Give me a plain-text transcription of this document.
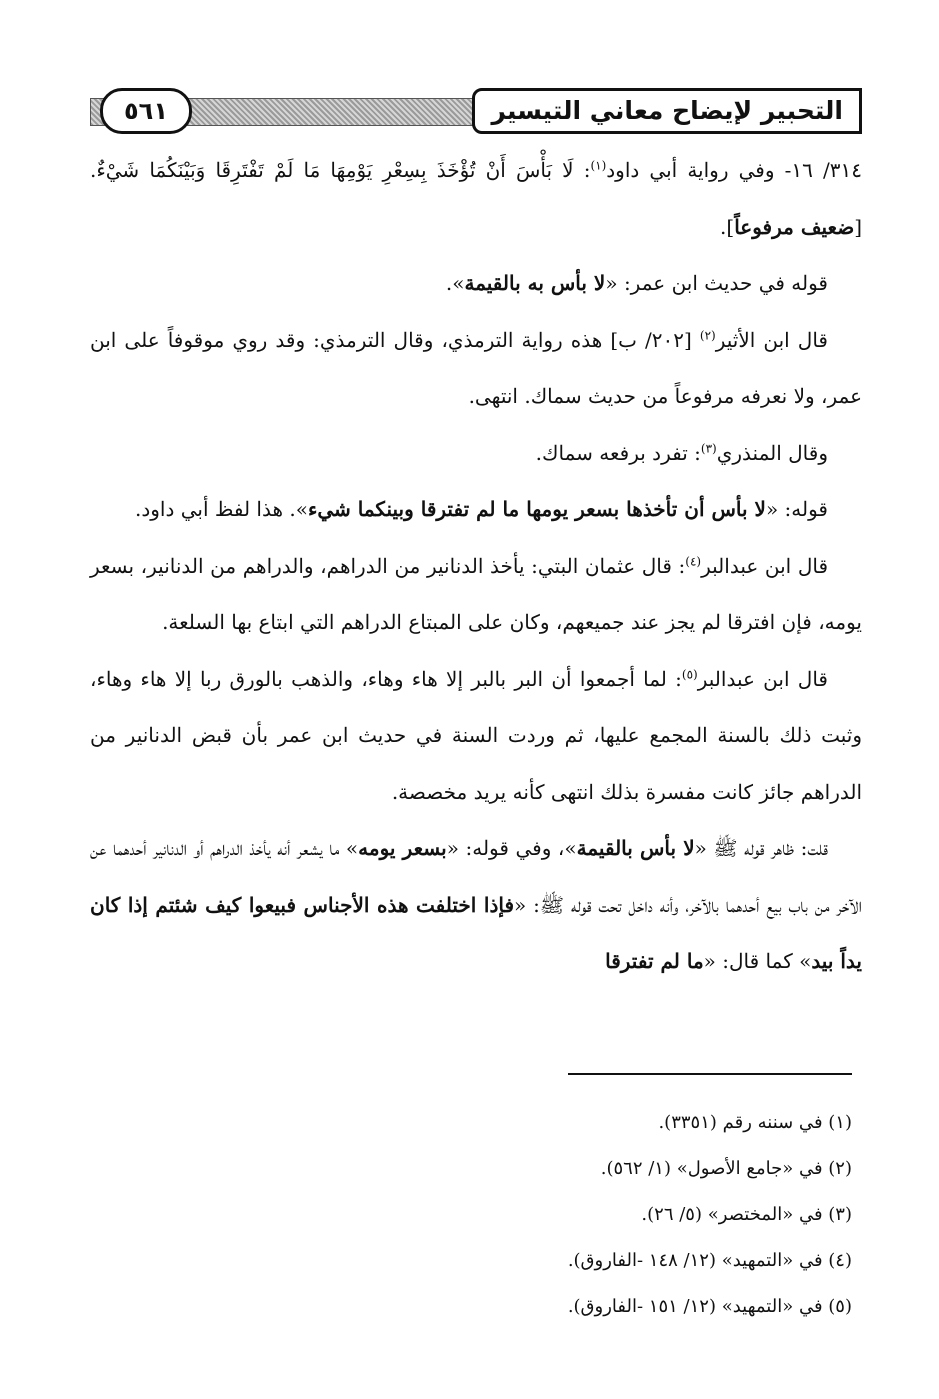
التحبير لإيضاح معاني التيسير
٥٦١

٣١٤/ ١٦- وفي رواية أبي داود$^{(١)}$: لَا بَأْسَ أَنْ تُؤْخَذَ بِسِعْرِ يَوْمِهَا مَا لَمْ تَفْتَرِقَا وَبَيْنَكُمَا شَيْءٌ. [ضعيف مرفوعاً].

قوله في حديث ابن عمر: «لا بأس به بالقيمة».

قال ابن الأثير$^{(٢)}$ [٢٠٢/ ب] هذه رواية الترمذي، وقال الترمذي: وقد روي موقوفاً على ابن عمر، ولا نعرفه مرفوعاً من حديث سماك. انتهى.

وقال المنذري$^{(٣)}$: تفرد برفعه سماك.

قوله: «لا بأس أن تأخذها بسعر يومها ما لم تفترقا وبينكما شيء». هذا لفظ أبي داود.

قال ابن عبدالبر$^{(٤)}$: قال عثمان البتي: يأخذ الدنانير من الدراهم، والدراهم من الدنانير، بسعر يومه، فإن افترقا لم يجز عند جميعهم، وكان على المبتاع الدراهم التي ابتاع بها السلعة.

قال ابن عبدالبر$^{(٥)}$: لما أجمعوا أن البر بالبر إلا هاء وهاء، والذهب بالورق ربا إلا هاء وهاء، وثبت ذلك بالسنة المجمع عليها، ثم وردت السنة في حديث ابن عمر بأن قبض الدنانير من الدراهم جائز كانت مفسرة بذلك انتهى كأنه يريد مخصصة.

قلت: ظاهر قوله ﷺ «لا بأس بالقيمة»، وفي قوله: «بسعر يومه» ما يشعر أنه يأخذ الدراهم أو الدنانير أحدهما عن الآخر من باب بيع أحدهما بالآخر، وأنه داخل تحت قوله ﷺ: «فإذا اختلفت هذه الأجناس فبيعوا كيف شئتم إذا كان يداً بيد» كما قال: «ما لم تفترقا

(١) في سننه رقم (٣٣٥١).
(٢) في «جامع الأصول» (١/ ٥٦٢).
(٣) في «المختصر» (٥/ ٢٦).
(٤) في «التمهيد» (١٢/ ١٤٨ -الفاروق).
(٥) في «التمهيد» (١٢/ ١٥١ -الفاروق).
